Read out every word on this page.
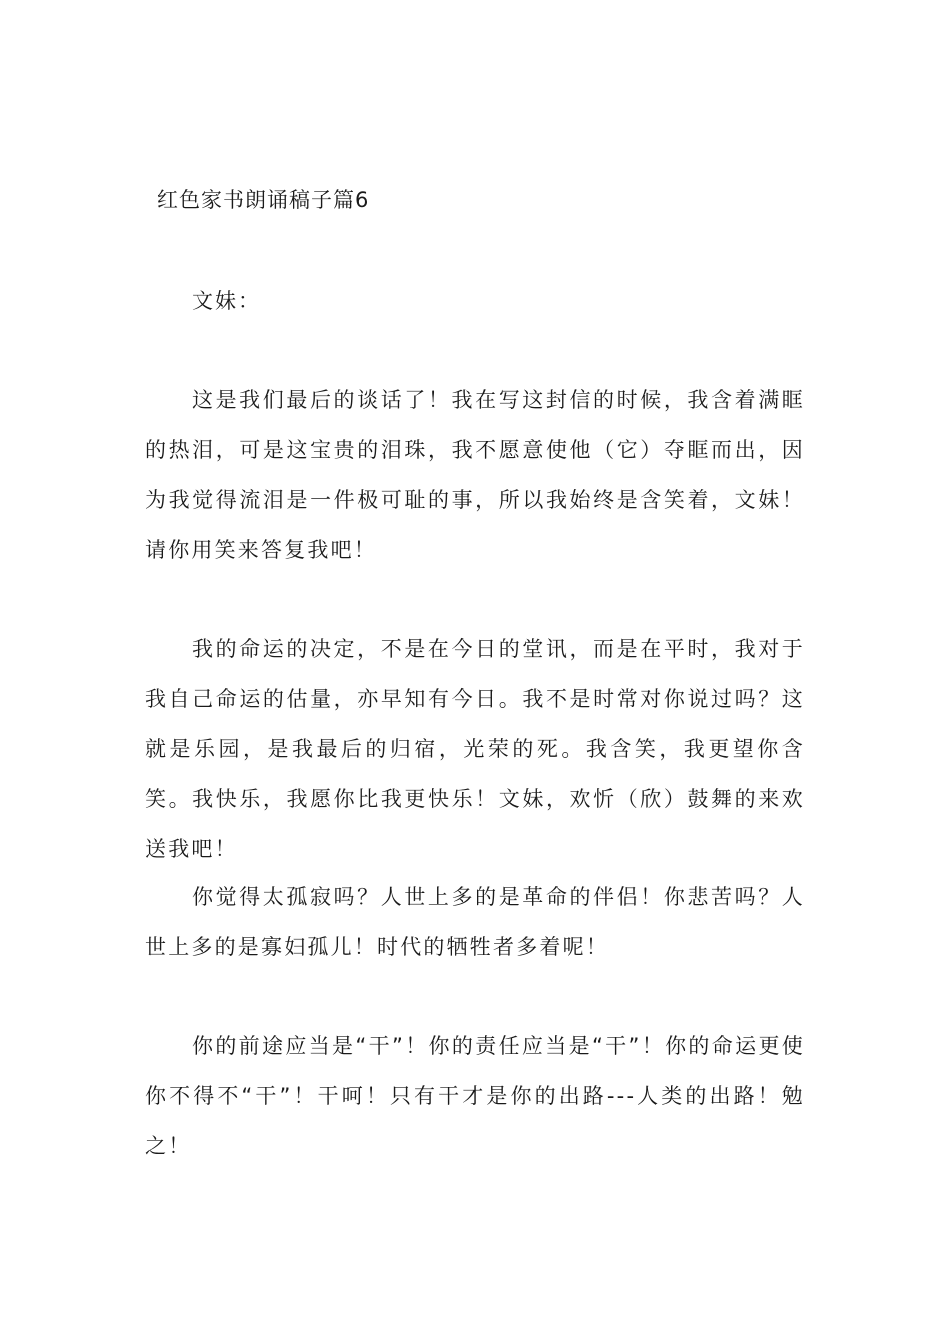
红色家书朗诵稿子篇6
文妹：

这是我们最后的谈话了！我在写这封信的时候，我含着满眶的热泪，可是这宝贵的泪珠，我不愿意使他（它）夺眶而出，因为我觉得流泪是一件极可耻的事，所以我始终是含笑着，文妹！请你用笑来答复我吧！

我的命运的决定，不是在今日的堂讯，而是在平时，我对于我自己命运的估量，亦早知有今日。我不是时常对你说过吗？这就是乐园，是我最后的归宿，光荣的死。我含笑，我更望你含笑。我快乐，我愿你比我更快乐！文妹，欢忻（欣）鼓舞的来欢送我吧！

你觉得太孤寂吗？人世上多的是革命的伴侣！你悲苦吗？人世上多的是寡妇孤儿！时代的牺牲者多着呢！

你的前途应当是“干”！你的责任应当是“干”！你的命运更使你不得不“干”！干呵！只有干才是你的出路---人类的出路！勉之！
